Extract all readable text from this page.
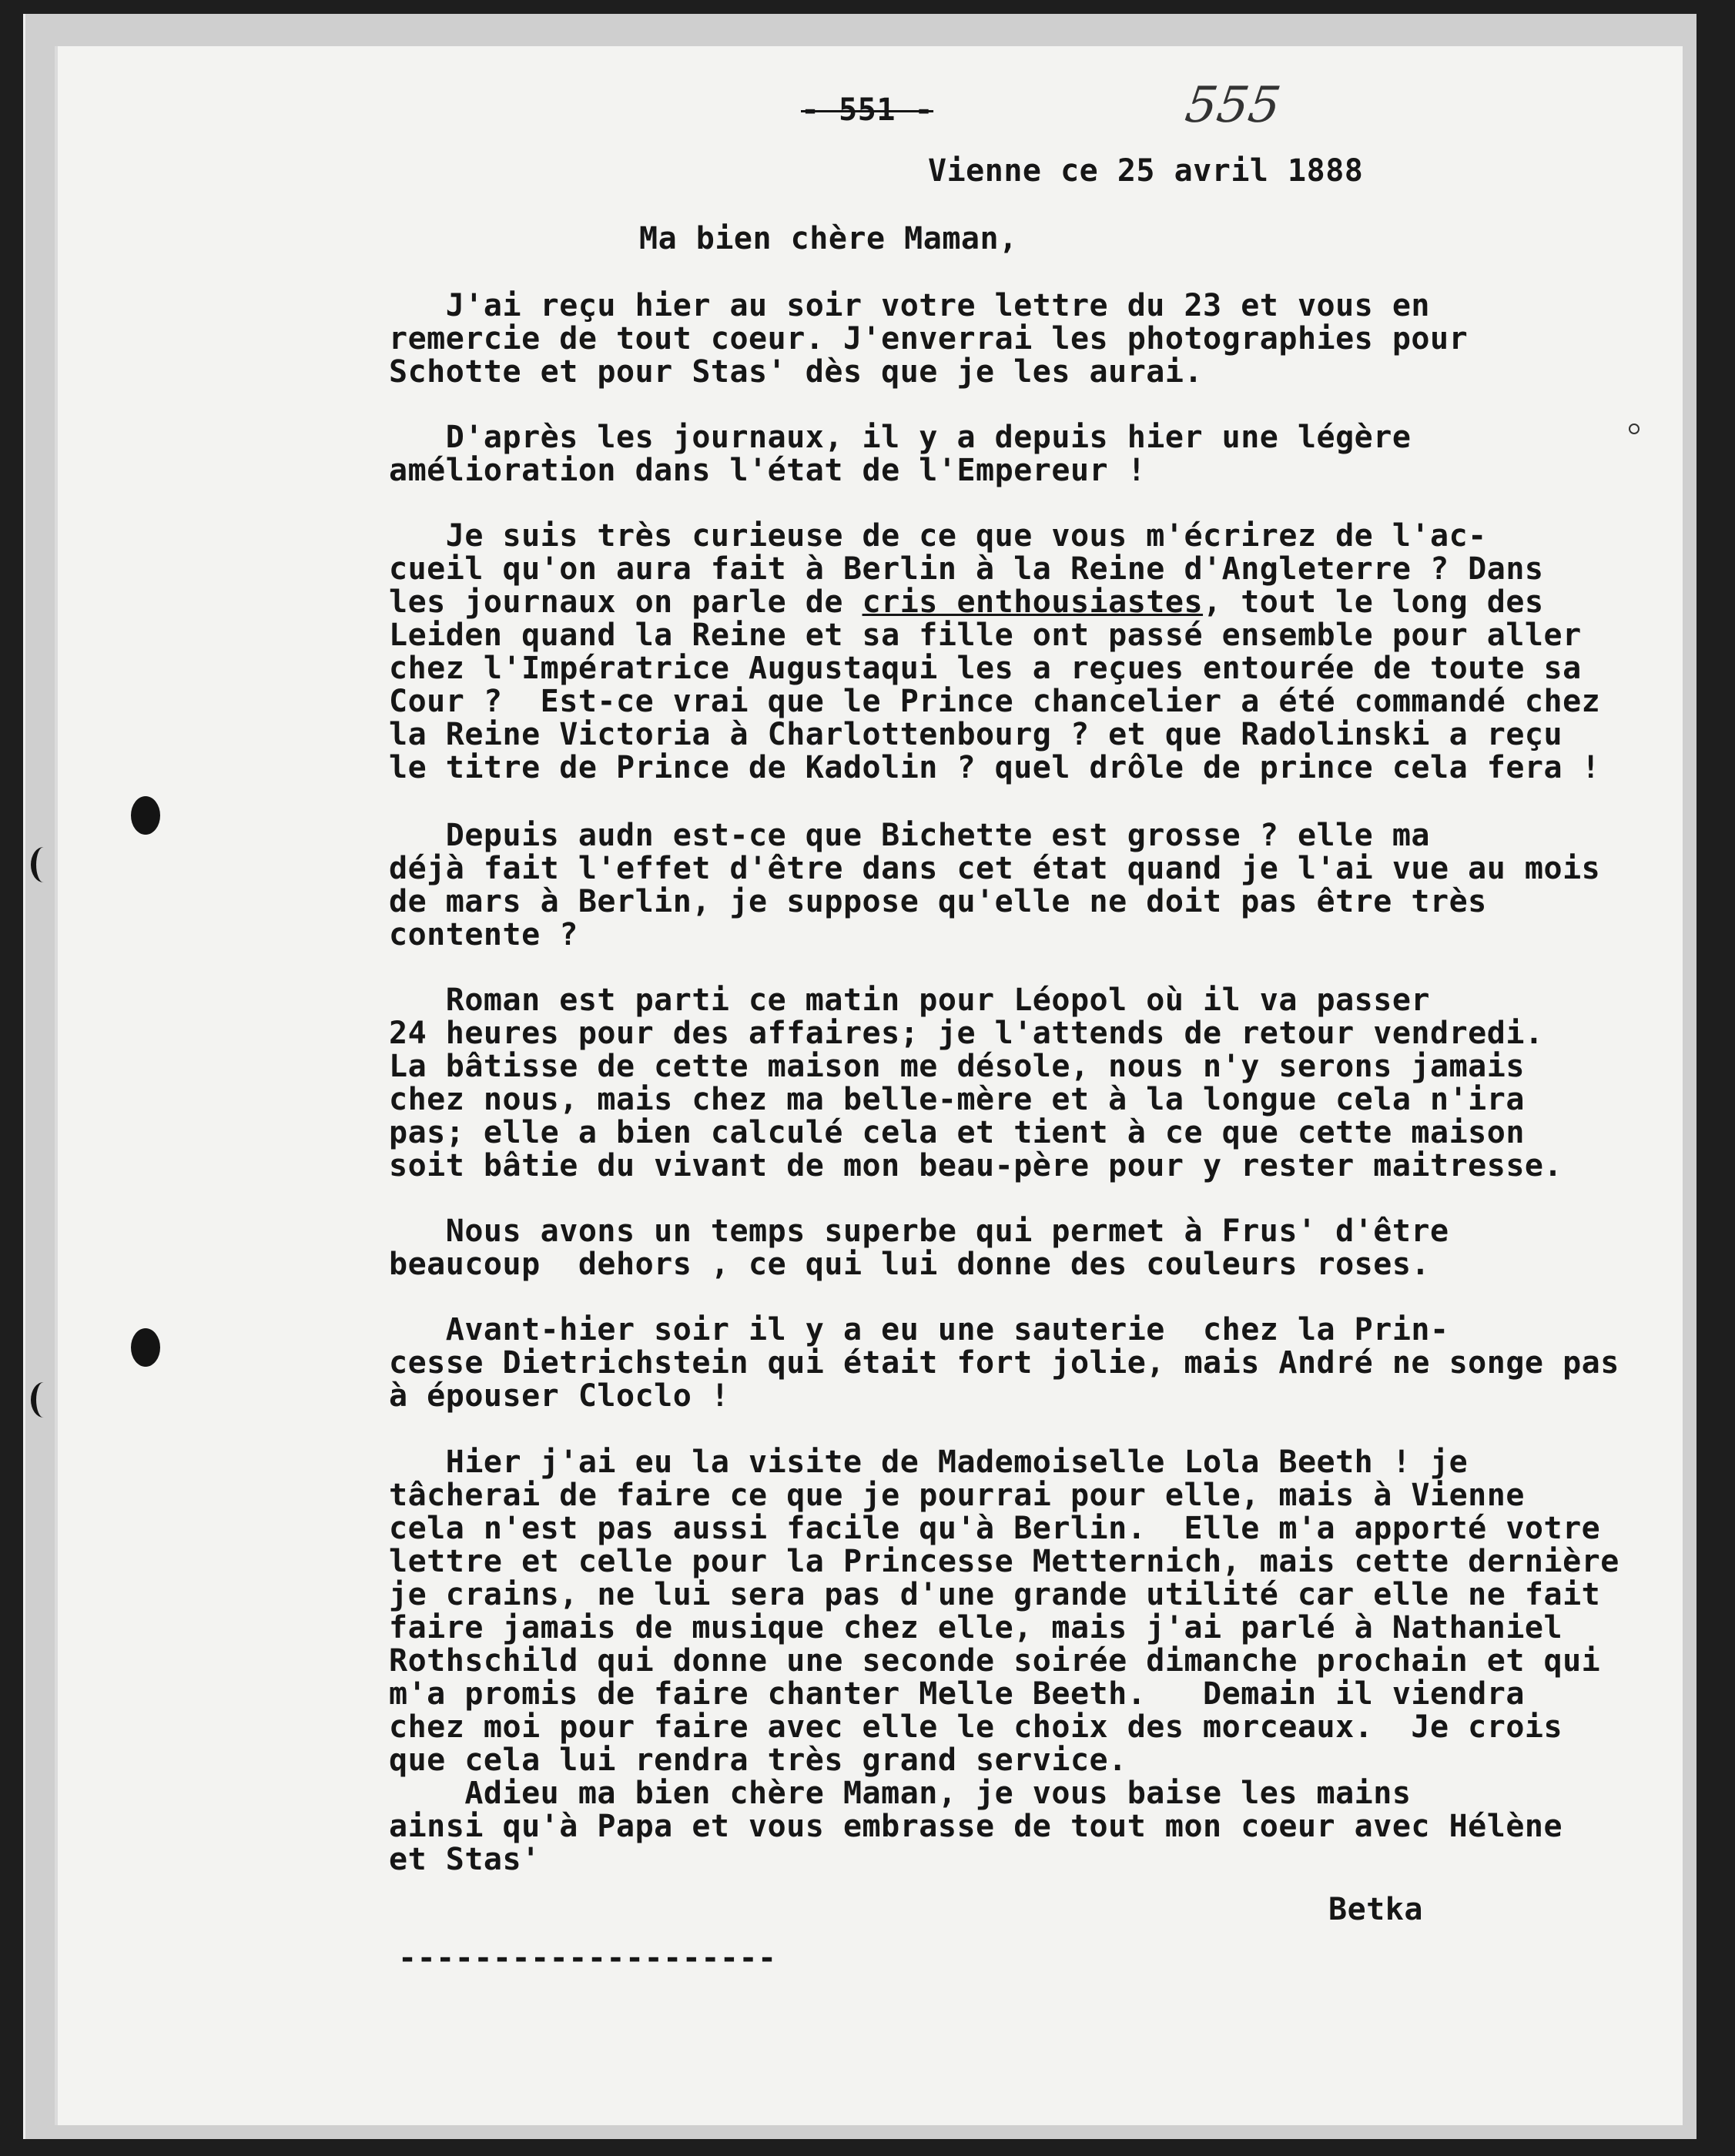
- 551 -	555

Vienne ce 25 avril 1888

Ma bien chère Maman,

J'ai reçu hier au soir votre lettre du 23 et vous en
remercie de tout coeur. J'enverrai les photographies pour
Schotte et pour Stas' dès que je les aurai.
D'après les journaux, il y a depuis hier une légère
amélioration dans l'état de l'Empereur !
Je suis très curieuse de ce que vous m'écrirez de l'ac-
cueil qu'on aura fait à Berlin à la Reine d'Angleterre ? Dans
les journaux on parle de cris enthousiastes, tout le long des
Leiden quand la Reine et sa fille ont passé ensemble pour aller
chez l'Impératrice Augustaqui les a reçues entourée de toute sa
Cour ?  Est-ce vrai que le Prince chancelier a été commandé chez
la Reine Victoria à Charlottenbourg ? et que Radolinski a reçu
le titre de Prince de Kadolin ? quel drôle de prince cela fera !
Depuis audn est-ce que Bichette est grosse ? elle ma
déjà fait l'effet d'être dans cet état quand je l'ai vue au mois
de mars à Berlin, je suppose qu'elle ne doit pas être très
contente ?
Roman est parti ce matin pour Léopol où il va passer
24 heures pour des affaires; je l'attends de retour vendredi.
La bâtisse de cette maison me désole, nous n'y serons jamais
chez nous, mais chez ma belle-mère et à la longue cela n'ira
pas; elle a bien calculé cela et tient à ce que cette maison
soit bâtie du vivant de mon beau-père pour y rester maitresse.
Nous avons un temps superbe qui permet à Frus' d'être
beaucoup  dehors , ce qui lui donne des couleurs roses.
Avant-hier soir il y a eu une sauterie  chez la Prin-
cesse Dietrichstein qui était fort jolie, mais André ne songe pas
à épouser Cloclo !
Hier j'ai eu la visite de Mademoiselle Lola Beeth ! je
tâcherai de faire ce que je pourrai pour elle, mais à Vienne
cela n'est pas aussi facile qu'à Berlin.  Elle m'a apporté votre
lettre et celle pour la Princesse Metternich, mais cette dernière
je crains, ne lui sera pas d'une grande utilité car elle ne fait
faire jamais de musique chez elle, mais j'ai parlé à Nathaniel
Rothschild qui donne une seconde soirée dimanche prochain et qui
m'a promis de faire chanter Melle Beeth.   Demain il viendra
chez moi pour faire avec elle le choix des morceaux.  Je crois
que cela lui rendra très grand service.
Adieu ma bien chère Maman, je vous baise les mains
ainsi qu'à Papa et vous embrasse de tout mon coeur avec Hélène
et Stas'

Betka

--------------------
